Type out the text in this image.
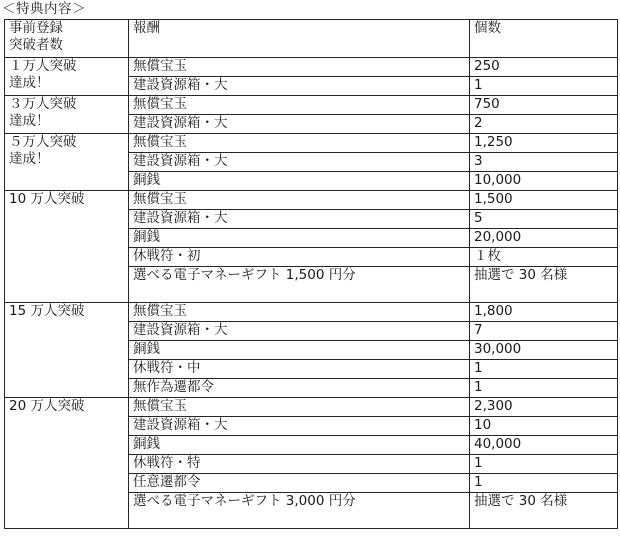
＜特典内容＞
事前登録
突破者数	報酬	個数

１万人突破
達成！	無償宝玉	250
	建設資源箱・大	1

３万人突破
達成！	無償宝玉	750
	建設資源箱・大	2

５万人突破
達成！	無償宝玉	1,250
	建設資源箱・大	3
	銅銭	10,000

10 万人突破	無償宝玉	1,500
	建設資源箱・大	5
	銅銭	20,000
	休戦符・初	１枚
	選べる電子マネーギフト 1,500 円分	抽選で 30 名様

15 万人突破	無償宝玉	1,800
	建設資源箱・大	7
	銅銭	30,000
	休戦符・中	1
	無作為遷都令	1

20 万人突破	無償宝玉	2,300
	建設資源箱・大	10
	銅銭	40,000
	休戦符・特	1
	任意遷都令	1
	選べる電子マネーギフト 3,000 円分	抽選で 30 名様
